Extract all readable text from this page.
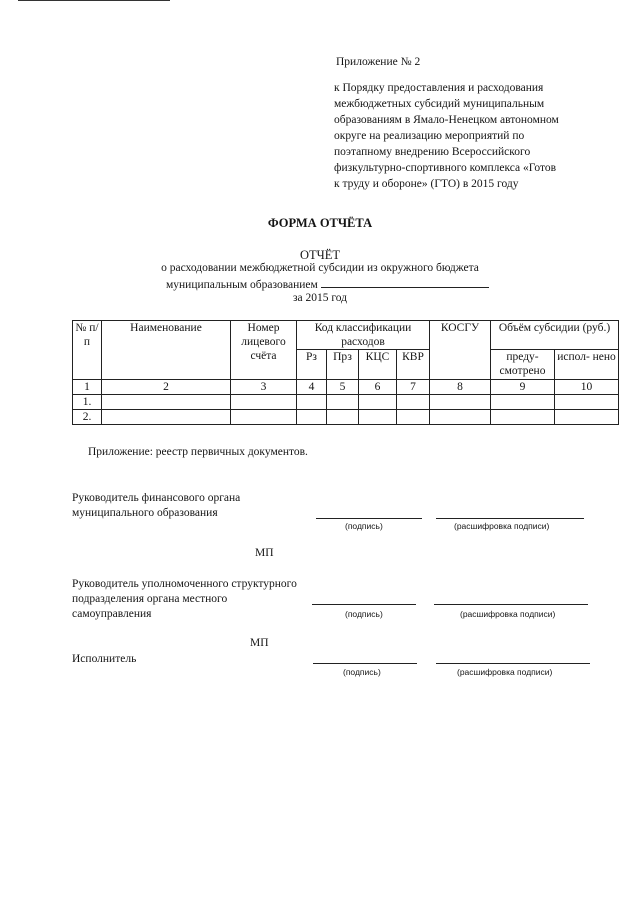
Приложение № 2
к Порядку предоставления и расходования
межбюджетных субсидий муниципальным
образованиям в Ямало-Ненецком автономном
округе на реализацию мероприятий по
поэтапному внедрению Всероссийского
физкультурно-спортивного комплекса «Готов
к труду и обороне» (ГТО) в 2015 году
ФОРМА ОТЧЁТА
ОТЧЁТ
о расходовании межбюджетной субсидии из окружного бюджета
муниципальным образованием
за 2015 год
№ п/п	Наименование	Номер лицевого счёта	Код классификации расходов				КОСГУ	Объём субсидии (руб.)	
			Рз	Прз	КЦС	КВР		преду- смотрено	испол- нено
1	2	3	4	5	6	7	8	9	10
1.									
2.									
Приложение: реестр первичных документов.
Руководитель финансового органа
муниципального образования
(подпись)	(расшифровка подписи)
МП
Руководитель уполномоченного структурного
подразделения органа местного
самоуправления	(подпись)	(расшифровка подписи)
МП
Исполнитель
(подпись)	(расшифровка подписи)
